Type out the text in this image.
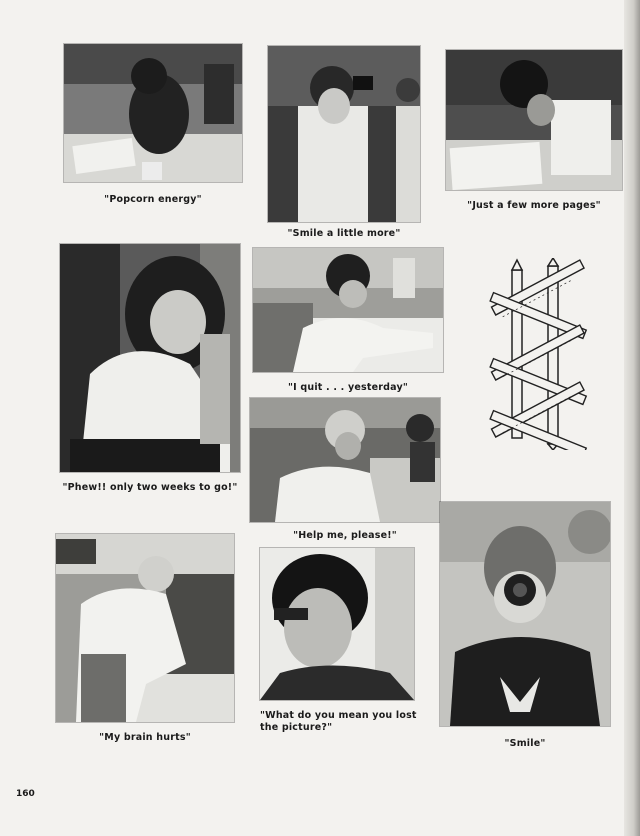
"Popcorn energy"
"Smile a little more"
"Just a few more pages"
"Phew!! only two weeks to go!"
"I quit . . . yesterday"
"Help me, please!"
"Smile"
"My brain hurts"
"What do you mean you lost the picture?"
160
